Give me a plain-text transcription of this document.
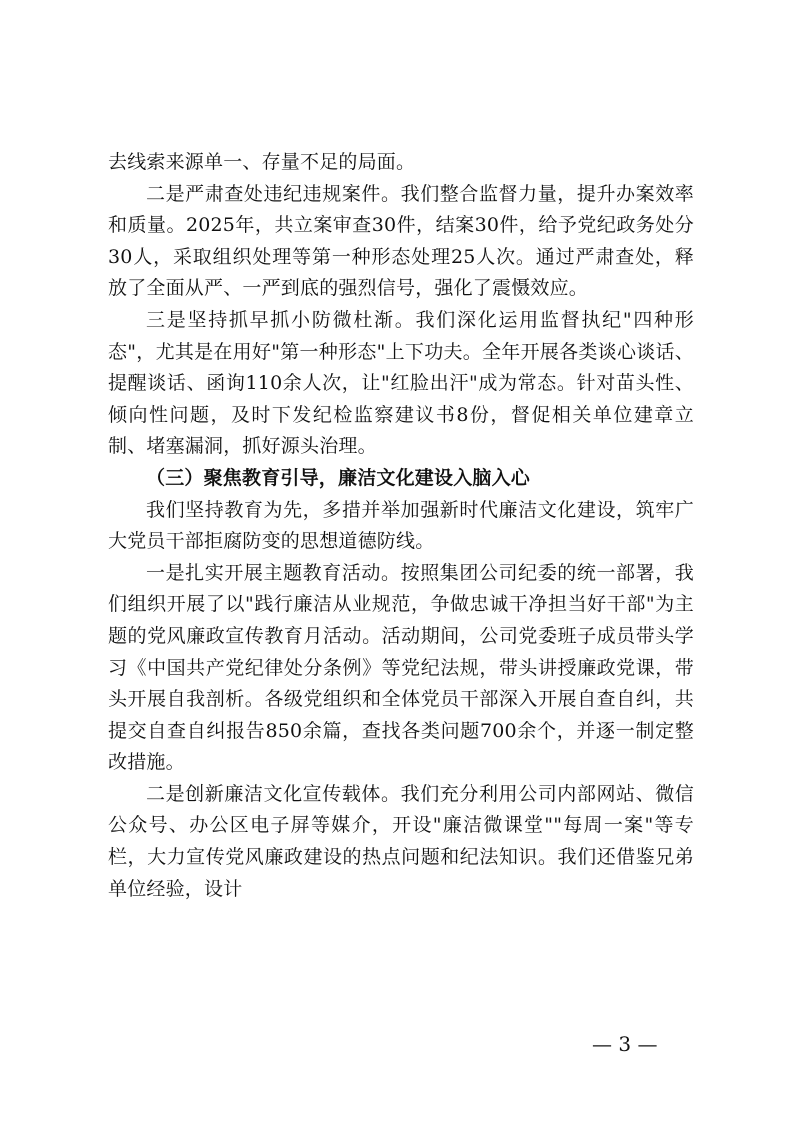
去线索来源单一、存量不足的局面。

二是严肃查处违纪违规案件。我们整合监督力量，提升办案效率和质量。2025年，共立案审查30件，结案30件，给予党纪政务处分30人，采取组织处理等第一种形态处理25人次。通过严肃查处，释放了全面从严、一严到底的强烈信号，强化了震慑效应。

三是坚持抓早抓小防微杜渐。我们深化运用监督执纪"四种形态"，尤其是在用好"第一种形态"上下功夫。全年开展各类谈心谈话、提醒谈话、函询110余人次，让"红脸出汗"成为常态。针对苗头性、倾向性问题，及时下发纪检监察建议书8份，督促相关单位建章立制、堵塞漏洞，抓好源头治理。

（三）聚焦教育引导，廉洁文化建设入脑入心

我们坚持教育为先，多措并举加强新时代廉洁文化建设，筑牢广大党员干部拒腐防变的思想道德防线。

一是扎实开展主题教育活动。按照集团公司纪委的统一部署，我们组织开展了以"践行廉洁从业规范，争做忠诚干净担当好干部"为主题的党风廉政宣传教育月活动。活动期间，公司党委班子成员带头学习《中国共产党纪律处分条例》等党纪法规，带头讲授廉政党课，带头开展自我剖析。各级党组织和全体党员干部深入开展自查自纠，共提交自查自纠报告850余篇，查找各类问题700余个，并逐一制定整改措施。

二是创新廉洁文化宣传载体。我们充分利用公司内部网站、微信公众号、办公区电子屏等媒介，开设"廉洁微课堂""每周一案"等专栏，大力宣传党风廉政建设的热点问题和纪法知识。我们还借鉴兄弟单位经验，设计

— 3 —
